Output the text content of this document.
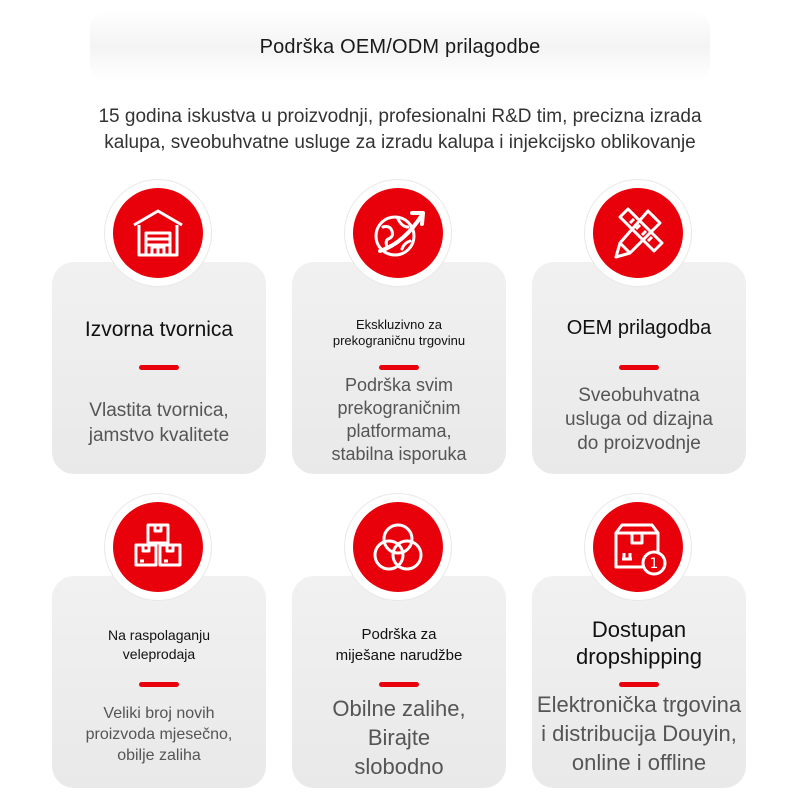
Podrška OEM/ODM prilagodbe
15 godina iskustva u proizvodnji, profesionalni R&D tim, precizna izrada
kalupa, sveobuhvatne usluge za izradu kalupa i injekcijsko oblikovanje
Izvorna tvornica
Vlastita tvornica,
jamstvo kvalitete
Ekskluzivno za
prekograničnu trgovinu
Podrška svim
prekograničnim
platformama,
stabilna isporuka
OEM prilagodba
Sveobuhvatna
usluga od dizajna
do proizvodnje
Na raspolaganju
veleprodaja
Veliki broj novih
proizvoda mjesečno,
obilje zaliha
Podrška za
miješane narudžbe
Obilne zalihe,
Birajte
slobodno
Dostupan
dropshipping
Elektronička trgovina
i distribucija Douyin,
online i offline
1
